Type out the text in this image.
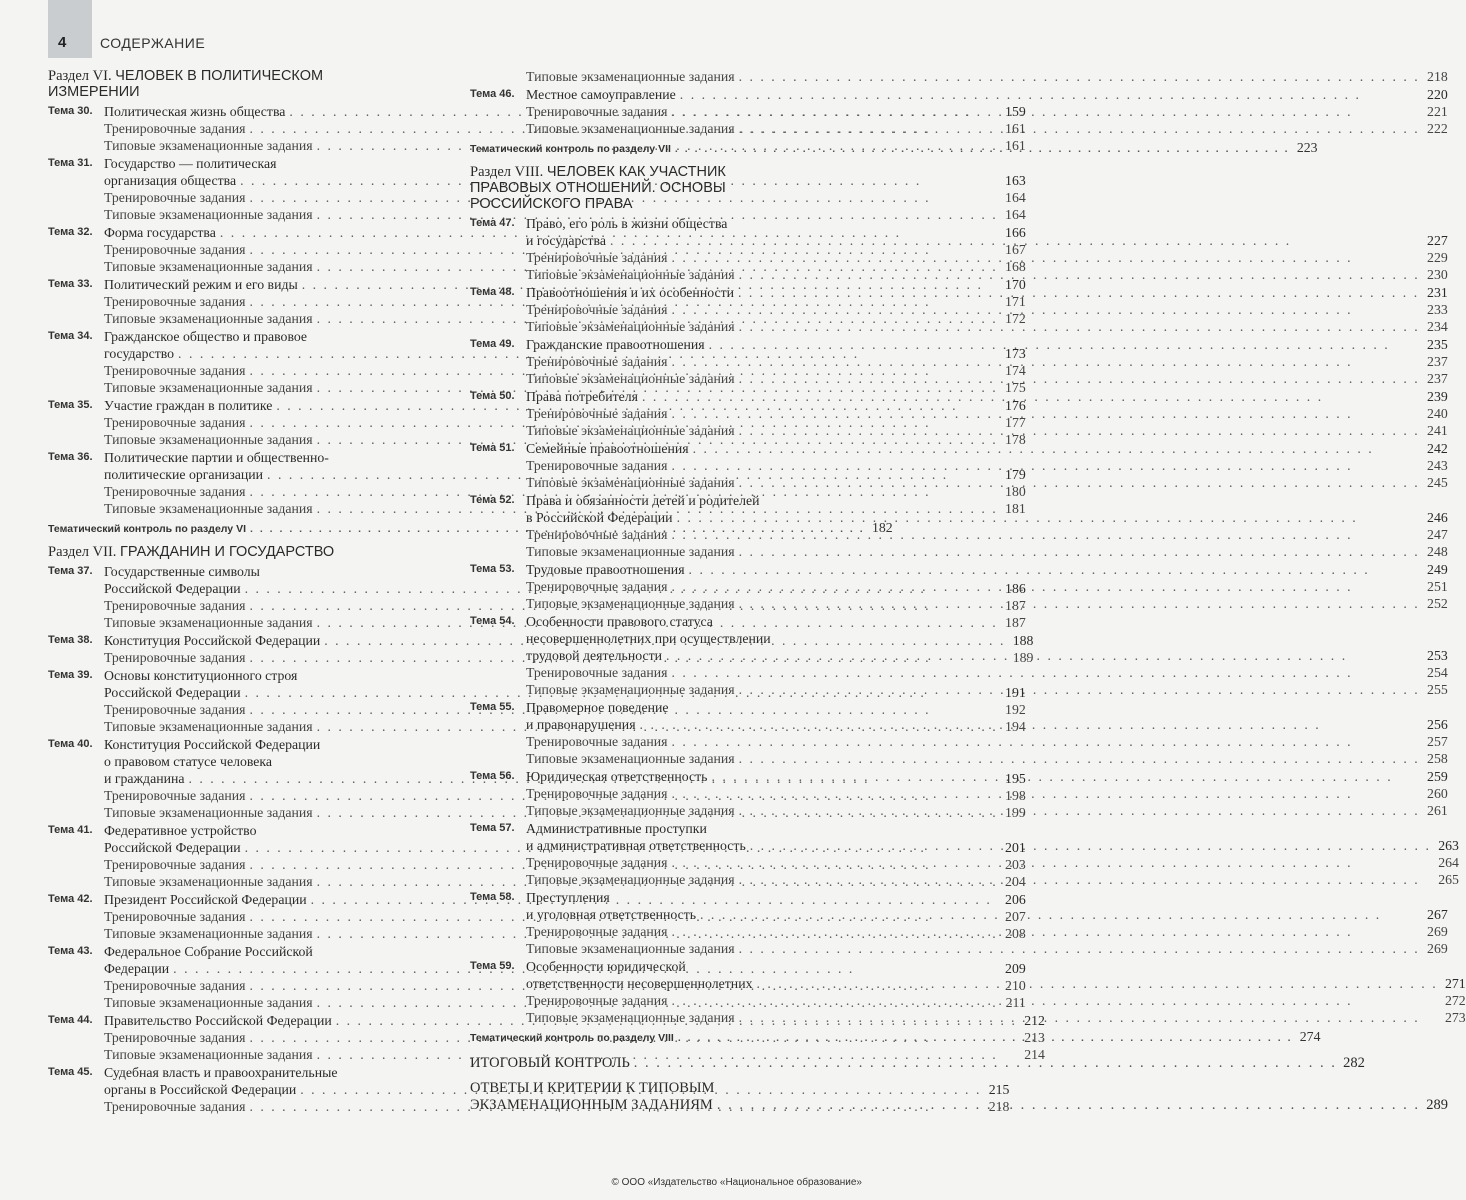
4 СОДЕРЖАНИЕ
Раздел VI. ЧЕЛОВЕК В ПОЛИТИЧЕСКОМ
ИЗМЕРЕНИИ
Тема 30. Политическая жизнь общества . . .	159
Тренировочные задания . . .	161
Типовые экзаменационные задания . . .	161
Тема 31. Государство — политическая
организация общества . . .	163
Тренировочные задания . . .	164
Типовые экзаменационные задания . . .	164
Тема 32. Форма государства . . .	166
Тренировочные задания . . .	167
Типовые экзаменационные задания . . .	168
Тема 33. Политический режим и его виды . . .	170
Тренировочные задания . . .	171
Типовые экзаменационные задания . . .	172
Тема 34. Гражданское общество и правовое
государство . . .	173
Тренировочные задания . . .	174
Типовые экзаменационные задания . . .	175
Тема 35. Участие граждан в политике . . .	176
Тренировочные задания . . .	177
Типовые экзаменационные задания . . .	178
Тема 36. Политические партии и общественно-
политические организации . . .	179
Тренировочные задания . . .	180
Типовые экзаменационные задания . . .	181
Тематический контроль по разделу VI . . .	182
Раздел VII. ГРАЖДАНИН И ГОСУДАРСТВО
Тема 37. Государственные символы
Российской Федерации . . .	186
Тренировочные задания . . .	187
Типовые экзаменационные задания . . .	187
Тема 38. Конституция Российской Федерации . . .	188
Тренировочные задания . . .	189
Тема 39. Основы конституционного строя
Российской Федерации . . .	191
Тренировочные задания . . .	192
Типовые экзаменационные задания . . .	194
Тема 40. Конституция Российской Федерации
о правовом статусе человека
и гражданина . . .	195
Тренировочные задания . . .	198
Типовые экзаменационные задания . . .	199
Тема 41. Федеративное устройство
Российской Федерации . . .	201
Тренировочные задания . . .	203
Типовые экзаменационные задания . . .	204
Тема 42. Президент Российской Федерации . . .	206
Тренировочные задания . . .	207
Типовые экзаменационные задания . . .	208
Тема 43. Федеральное Собрание Российской
Федерации . . .	209
Тренировочные задания . . .	210
Типовые экзаменационные задания . . .	211
Тема 44. Правительство Российской Федерации . . .	212
Тренировочные задания . . .	213
Типовые экзаменационные задания . . .	214
Тема 45. Судебная власть и правоохранительные
органы в Российской Федерации . . .	215
Тренировочные задания . . .	218
Типовые экзаменационные задания . . .	218
Тема 46. Местное самоуправление . . .	220
Тренировочные задания . . .	221
Типовые экзаменационные задания . . .	222
Тематический контроль по разделу VII . . .	223
Раздел VIII. ЧЕЛОВЕК КАК УЧАСТНИК
ПРАВОВЫХ ОТНОШЕНИЙ. ОСНОВЫ
РОССИЙСКОГО ПРАВА
Тема 47. Право, его роль в жизни общества
и государства . . .	227
Тренировочные задания . . .	229
Типовые экзаменационные задания . . .	230
Тема 48. Правоотношения и их особенности . . .	231
Тренировочные задания . . .	233
Типовые экзаменационные задания . . .	234
Тема 49. Гражданские правоотношения . . .	235
Тренировочные задания . . .	237
Типовые экзаменационные задания . . .	237
Тема 50. Права потребителя . . .	239
Тренировочные задания . . .	240
Типовые экзаменационные задания . . .	241
Тема 51. Семейные правоотношения . . .	242
Тренировочные задания . . .	243
Типовые экзаменационные задания . . .	245
Тема 52. Права и обязанности детей и родителей
в Российской Федерации . . .	246
Тренировочные задания . . .	247
Типовые экзаменационные задания . . .	248
Тема 53. Трудовые правоотношения . . .	249
Тренировочные задания . . .	251
Типовые экзаменационные задания . . .	252
Тема 54. Особенности правового статуса
несовершеннолетних при осуществлении
трудовой деятельности . . .	253
Тренировочные задания . . .	254
Типовые экзаменационные задания . . .	255
Тема 55. Правомерное поведение
и правонарушения . . .	256
Тренировочные задания . . .	257
Типовые экзаменационные задания . . .	258
Тема 56. Юридическая ответственность . . .	259
Тренировочные задания . . .	260
Типовые экзаменационные задания . . .	261
Тема 57. Административные проступки
и административная ответственность . . .	263
Тренировочные задания . . .	264
Типовые экзаменационные задания . . .	265
Тема 58. Преступления
и уголовная ответственность . . .	267
Тренировочные задания . . .	269
Типовые экзаменационные задания . . .	269
Тема 59. Особенности юридической
ответственности несовершеннолетних . . .	271
Тренировочные задания . . .	272
Типовые экзаменационные задания . . .	273
Тематический контроль по разделу VIII . . .	274
ИТОГОВЫЙ КОНТРОЛЬ . . .	282
ОТВЕТЫ И КРИТЕРИИ К ТИПОВЫМ
ЭКЗАМЕНАЦИОННЫМ ЗАДАНИЯМ . . .	289
© ООО «Издательство «Национальное образование»
